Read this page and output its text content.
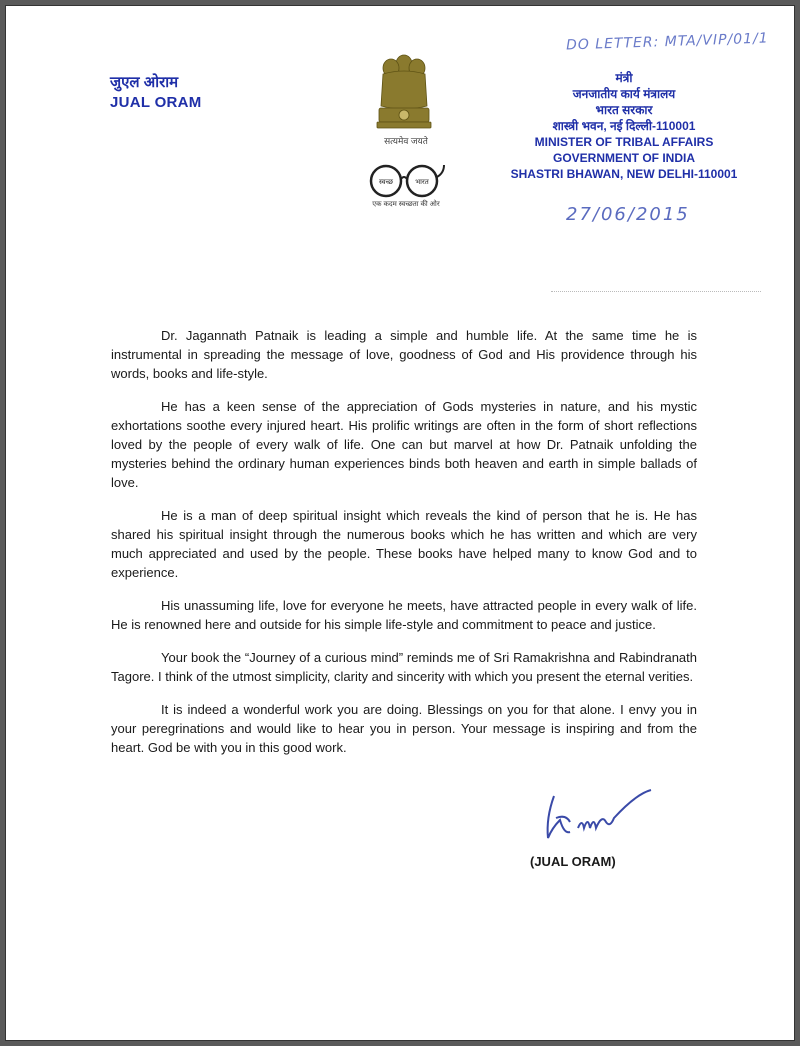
जुएल ओराम
JUAL ORAM
सत्यमेव जयते
स्वच्छ	भारत
एक कदम स्वच्छता की ओर
मंत्री
जनजातीय कार्य मंत्रालय
भारत सरकार
शास्त्री भवन, नई दिल्ली-110001
MINISTER OF TRIBAL AFFAIRS
GOVERNMENT OF INDIA
SHASTRI BHAWAN, NEW DELHI-110001
DO LETTER: MTA/VIP/01/1
27/06/2015

Dr. Jagannath Patnaik is leading a simple and humble life. At the same time he is instrumental in spreading the message of love, goodness of God and His providence through his words, books and life-style.

He has a keen sense of the appreciation of Gods mysteries in nature, and his mystic exhortations soothe every injured heart. His prolific writings are often in the form of short reflections loved by the people of every walk of life. One can but marvel at how Dr. Patnaik unfolding the mysteries behind the ordinary human experiences binds both heaven and earth in simple ballads of love.

He is a man of deep spiritual insight which reveals the kind of person that he is. He has shared his spiritual insight through the numerous books which he has written and which are very much appreciated and used by the people. These books have helped many to know God and to experience.

His unassuming life, love for everyone he meets, have attracted people in every walk of life. He is renowned here and outside for his simple life-style and commitment to peace and justice.

Your book the “Journey of a curious mind” reminds me of Sri Ramakrishna and Rabindranath Tagore. I think of the utmost simplicity, clarity and sincerity with which you present the eternal verities.

It is indeed a wonderful work you are doing. Blessings on you for that alone. I envy you in your peregrinations and would like to hear you in person. Your message is inspiring and from the heart. God be with you in this good work.

(JUAL ORAM)
